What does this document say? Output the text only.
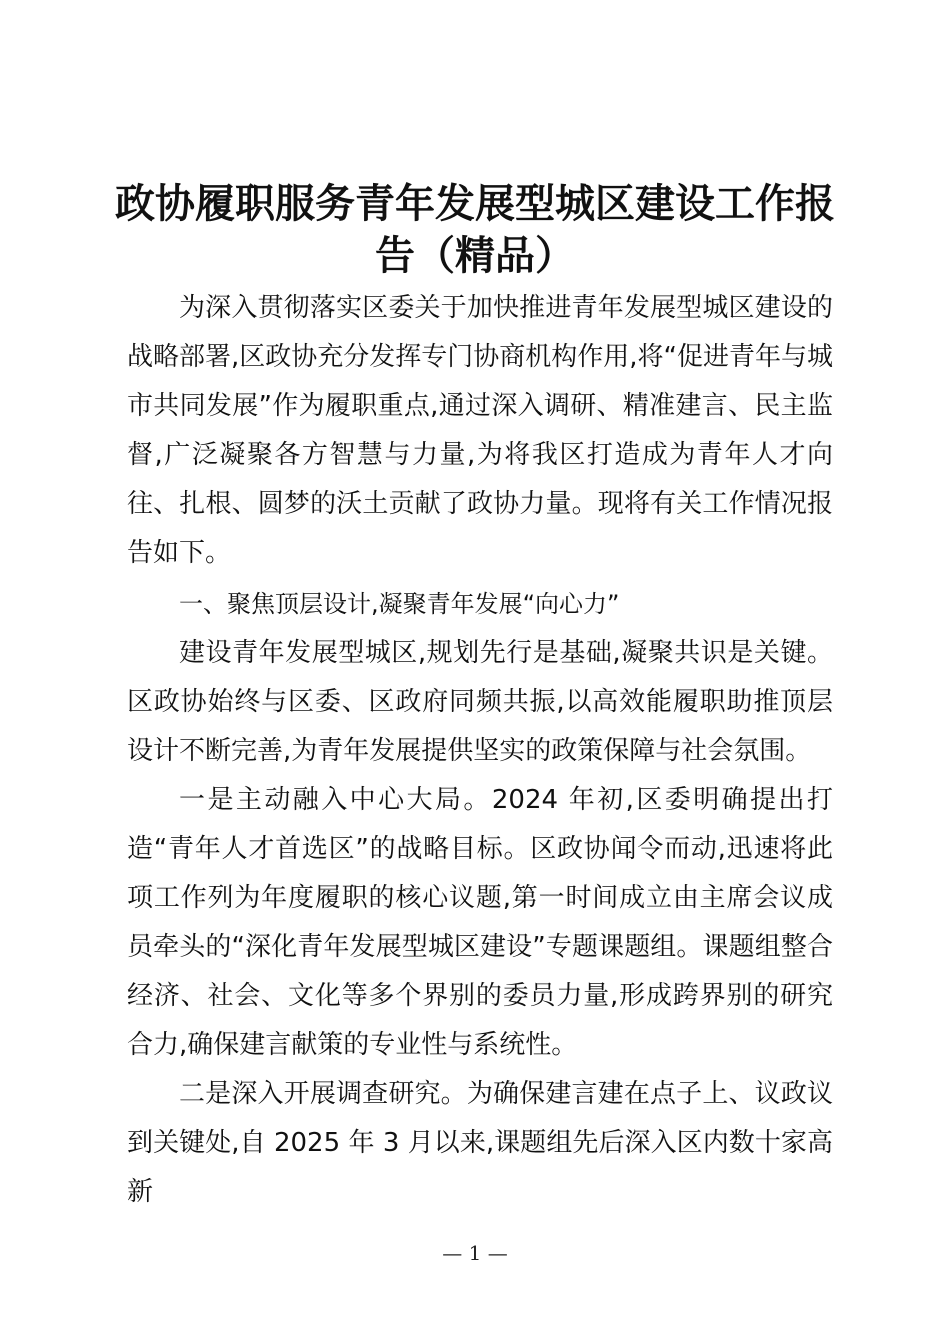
政协履职服务青年发展型城区建设工作报告（精品）

为深入贯彻落实区委关于加快推进青年发展型城区建设的战略部署,区政协充分发挥专门协商机构作用,将“促进青年与城市共同发展”作为履职重点,通过深入调研、精准建言、民主监督,广泛凝聚各方智慧与力量,为将我区打造成为青年人才向往、扎根、圆梦的沃土贡献了政协力量。现将有关工作情况报告如下。

一、聚焦顶层设计,凝聚青年发展“向心力”

建设青年发展型城区,规划先行是基础,凝聚共识是关键。区政协始终与区委、区政府同频共振,以高效能履职助推顶层设计不断完善,为青年发展提供坚实的政策保障与社会氛围。

一是主动融入中心大局。2024 年初,区委明确提出打造“青年人才首选区”的战略目标。区政协闻令而动,迅速将此项工作列为年度履职的核心议题,第一时间成立由主席会议成员牵头的“深化青年发展型城区建设”专题课题组。课题组整合经济、社会、文化等多个界别的委员力量,形成跨界别的研究合力,确保建言献策的专业性与系统性。

二是深入开展调查研究。为确保建言建在点子上、议政议到关键处,自 2025 年 3 月以来,课题组先后深入区内数十家高新

— 1 —
